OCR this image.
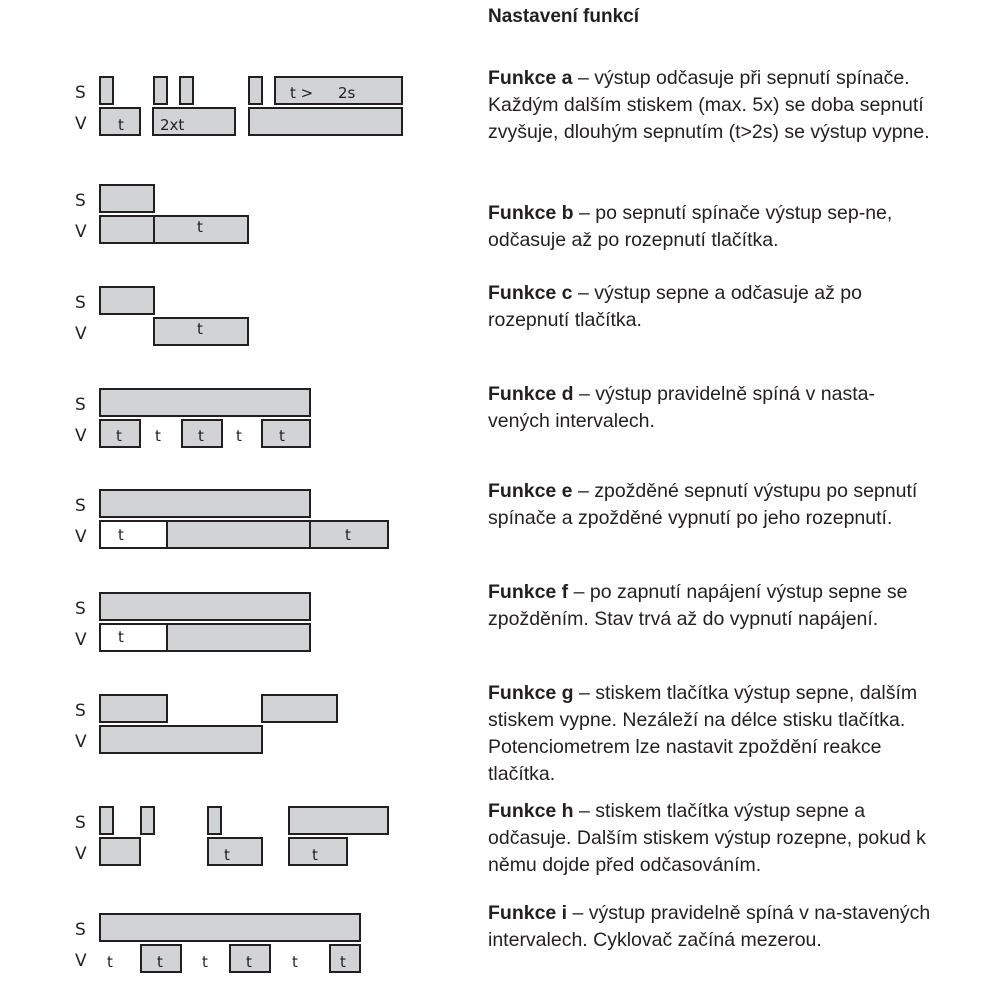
S
V t 2xt
t > 2s
S
V	t
S
V	t
S
V t t t t t
S
V t	t
S
V t
S
V
S
V	t	t
S
V t	t	t	t	t	t
Nastavení funkcí

Funkce a – výstup odčasuje při sepnutí spínače. Každým dalším stiskem (max. 5x) se doba sepnutí zvyšuje, dlouhým sepnutím (t>2s) se výstup vypne.

Funkce b – po sepnutí spínače výstup sep-ne, odčasuje až po rozepnutí tlačítka.

Funkce c – výstup sepne a odčasuje až po rozepnutí tlačítka.

Funkce d – výstup pravidelně spíná v nasta-vených intervalech.

Funkce e – zpožděné sepnutí výstupu po sepnutí spínače a zpožděné vypnutí po jeho rozepnutí.

Funkce f – po zapnutí napájení výstup sepne se zpožděním. Stav trvá až do vypnutí napájení.

Funkce g – stiskem tlačítka výstup sepne, dalším stiskem vypne. Nezáleží na délce stisku tlačítka. Potenciometrem lze nastavit zpoždění reakce tlačítka.

Funkce h – stiskem tlačítka výstup sepne a odčasuje. Dalším stiskem výstup rozepne, pokud k němu dojde před odčasováním.

Funkce i – výstup pravidelně spíná v na-stavených intervalech. Cyklovač začíná mezerou.
